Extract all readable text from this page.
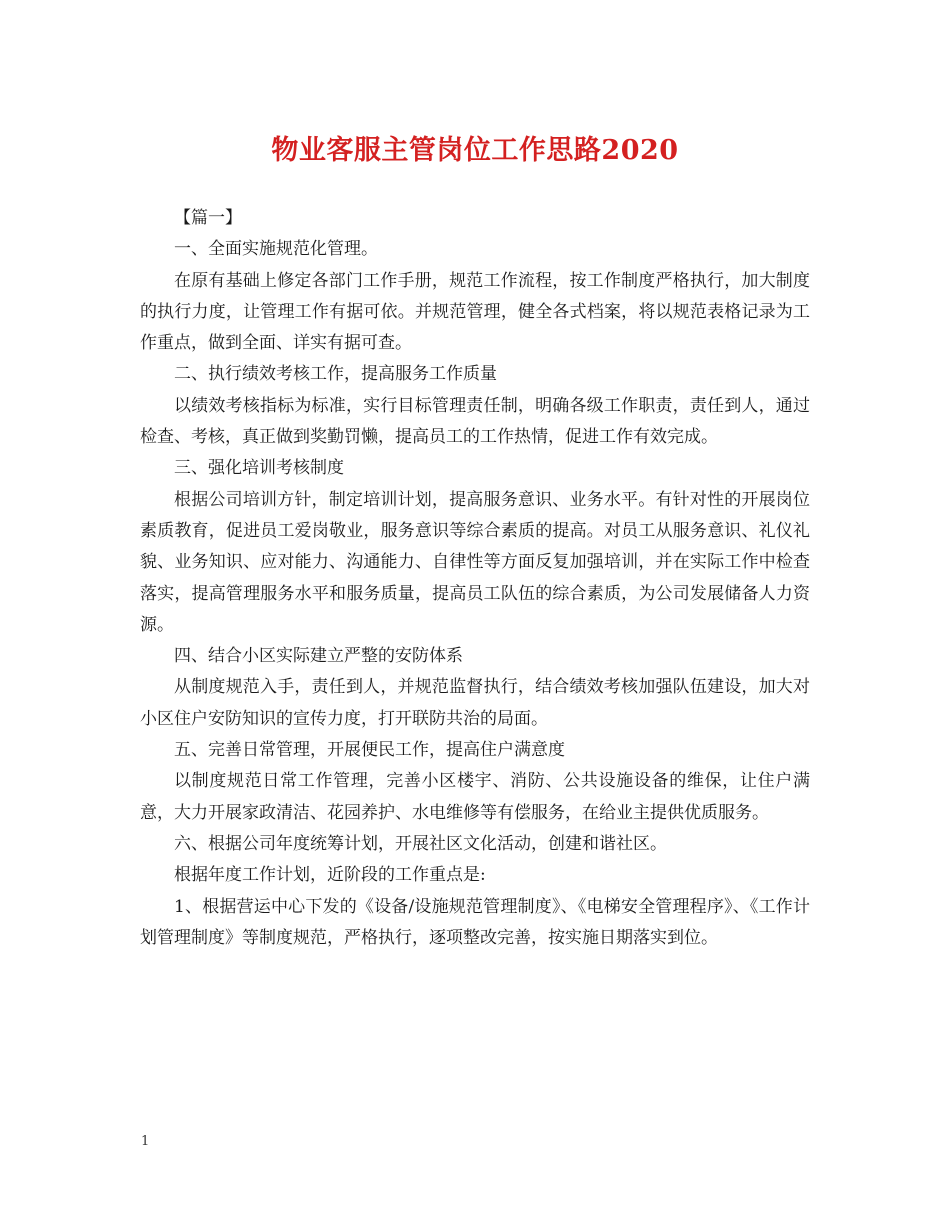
物业客服主管岗位工作思路2020

【篇一】

一、全面实施规范化管理。

在原有基础上修定各部门工作手册，规范工作流程，按工作制度严格执行，加大制度的执行力度，让管理工作有据可依。并规范管理，健全各式档案，将以规范表格记录为工作重点，做到全面、详实有据可查。

二、执行绩效考核工作，提高服务工作质量

以绩效考核指标为标准，实行目标管理责任制，明确各级工作职责，责任到人，通过检查、考核，真正做到奖勤罚懒，提高员工的工作热情，促进工作有效完成。

三、强化培训考核制度

根据公司培训方针，制定培训计划，提高服务意识、业务水平。有针对性的开展岗位素质教育，促进员工爱岗敬业，服务意识等综合素质的提高。对员工从服务意识、礼仪礼貌、业务知识、应对能力、沟通能力、自律性等方面反复加强培训，并在实际工作中检查落实，提高管理服务水平和服务质量，提高员工队伍的综合素质，为公司发展储备人力资源。

四、结合小区实际建立严整的安防体系

从制度规范入手，责任到人，并规范监督执行，结合绩效考核加强队伍建设，加大对小区住户安防知识的宣传力度，打开联防共治的局面。

五、完善日常管理，开展便民工作，提高住户满意度

以制度规范日常工作管理，完善小区楼宇、消防、公共设施设备的维保，让住户满意，大力开展家政清洁、花园养护、水电维修等有偿服务，在给业主提供优质服务。

六、根据公司年度统筹计划，开展社区文化活动，创建和谐社区。

根据年度工作计划，近阶段的工作重点是:

1、根据营运中心下发的《设备/设施规范管理制度》、《电梯安全管理程序》、《工作计划管理制度》等制度规范，严格执行，逐项整改完善，按实施日期落实到位。

1
